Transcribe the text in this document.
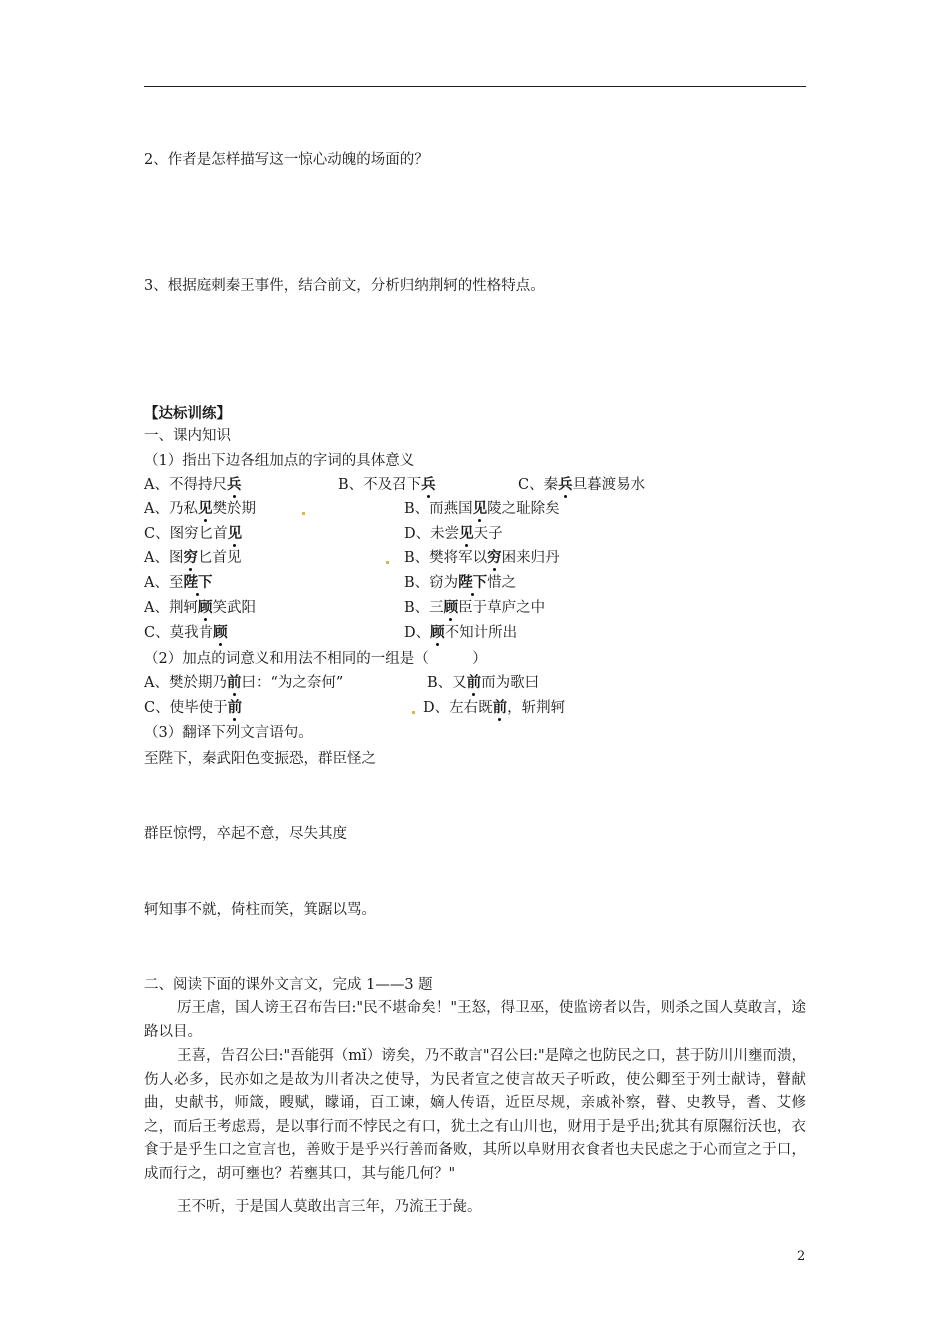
2、作者是怎样描写这一惊心动魄的场面的？
3、根据庭刺秦王事件，结合前文，分析归纳荆轲的性格特点。
【达标训练】
一、课内知识
（1）指出下边各组加点的字词的具体意义
A、不得持尺兵	B、不及召下兵	C、秦兵旦暮渡易水
A、乃私见樊於期	B、而燕国见陵之耻除矣
C、图穷匕首见	D、未尝见天子
A、图穷匕首见	B、樊将军以穷困来归丹
A、至陛下	B、窃为陛下惜之
A、荆轲顾笑武阳	B、三顾臣于草庐之中
C、莫我肯顾	D、顾不知计所出
（2）加点的词意义和用法不相同的一组是（　　　）
A、樊於期乃前曰：“为之奈何”	B、又前而为歌曰
C、使毕使于前	D、左右既前，斩荆轲
（3）翻译下列文言语句。
至陛下，秦武阳色变振恐，群臣怪之
群臣惊愕，卒起不意，尽失其度
轲知事不就，倚柱而笑，箕踞以骂。
二、阅读下面的课外文言文，完成 1——3 题
厉王虐，国人谤王召布告曰:"民不堪命矣！"王怒，得卫巫，使监谤者以告，则杀之国人莫敢言，途路以目。
王喜，告召公曰:"吾能弭（mǐ）谤矣，乃不敢言"召公曰:"是障之也防民之口，甚于防川川壅而溃，伤人必多，民亦如之是故为川者决之使导，为民者宣之使言故天子听政，使公卿至于列士献诗，瞽献曲，史献书，师箴，瞍赋，矇诵，百工谏，嫡人传语，近臣尽规，亲戚补察，瞽、史教导，耆、艾修之，而后王考虑焉，是以事行而不悖民之有口，犹土之有山川也，财用于是乎出;犹其有原隰衍沃也，衣食于是乎生口之宣言也，善败于是乎兴行善而备败，其所以阜财用衣食者也夫民虑之于心而宣之于口，成而行之，胡可壅也？若壅其口，其与能几何？"
王不听，于是国人莫敢出言三年，乃流王于彘。
2
